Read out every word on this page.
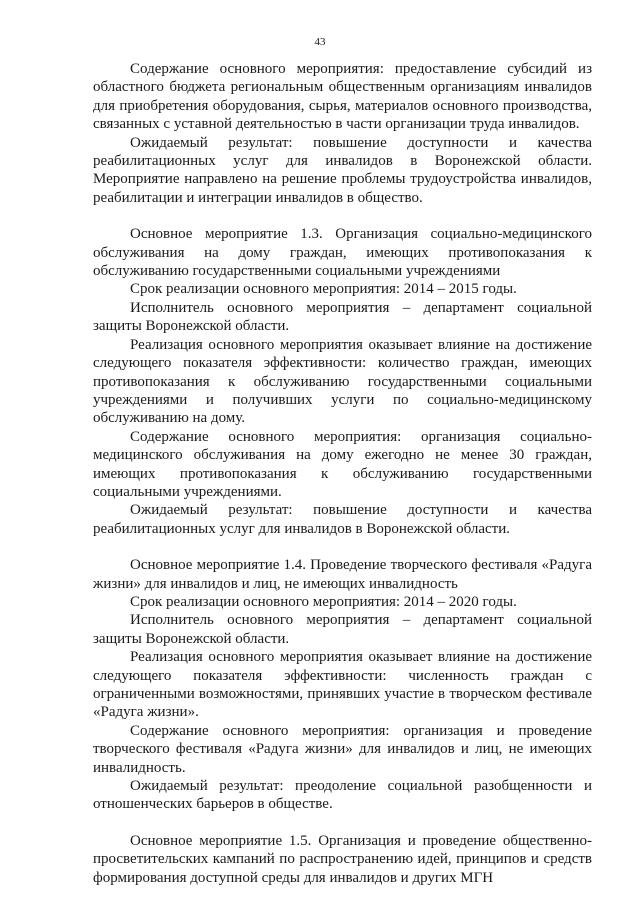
43

Содержание основного мероприятия: предоставление субсидий из областного бюджета региональным общественным организациям инвалидов для приобретения оборудования, сырья, материалов основного производства, связанных с уставной деятельностью в части организации труда инвалидов.

Ожидаемый результат: повышение доступности и качества реабилитационных услуг для инвалидов в Воронежской области. Мероприятие направлено на решение проблемы трудоустройства инвалидов, реабилитации и интеграции инвалидов в общество.

Основное мероприятие 1.3. Организация социально-медицинского обслуживания на дому граждан, имеющих противопоказания к обслуживанию государственными социальными учреждениями

Срок реализации основного мероприятия: 2014 – 2015 годы.

Исполнитель основного мероприятия – департамент социальной защиты Воронежской области.

Реализация основного мероприятия оказывает влияние на достижение следующего показателя эффективности: количество граждан, имеющих противопоказания к обслуживанию государственными социальными учреждениями и получивших услуги по социально-медицинскому обслуживанию на дому.

Содержание основного мероприятия: организация социально-медицинского обслуживания на дому ежегодно не менее 30 граждан, имеющих противопоказания к обслуживанию государственными социальными учреждениями.

Ожидаемый результат: повышение доступности и качества реабилитационных услуг для инвалидов в Воронежской области.

Основное мероприятие 1.4. Проведение творческого фестиваля «Радуга жизни» для инвалидов и лиц, не имеющих инвалидность

Срок реализации основного мероприятия: 2014 – 2020 годы.

Исполнитель основного мероприятия – департамент социальной защиты Воронежской области.

Реализация основного мероприятия оказывает влияние на достижение следующего показателя эффективности: численность граждан с ограниченными возможностями, принявших участие в творческом фестивале «Радуга жизни».

Содержание основного мероприятия: организация и проведение творческого фестиваля «Радуга жизни» для инвалидов и лиц, не имеющих инвалидность.

Ожидаемый результат: преодоление социальной разобщенности и отношенческих барьеров в обществе.

Основное мероприятие 1.5. Организация и проведение общественно-просветительских кампаний по распространению идей, принципов и средств формирования доступной среды для инвалидов и других МГН
